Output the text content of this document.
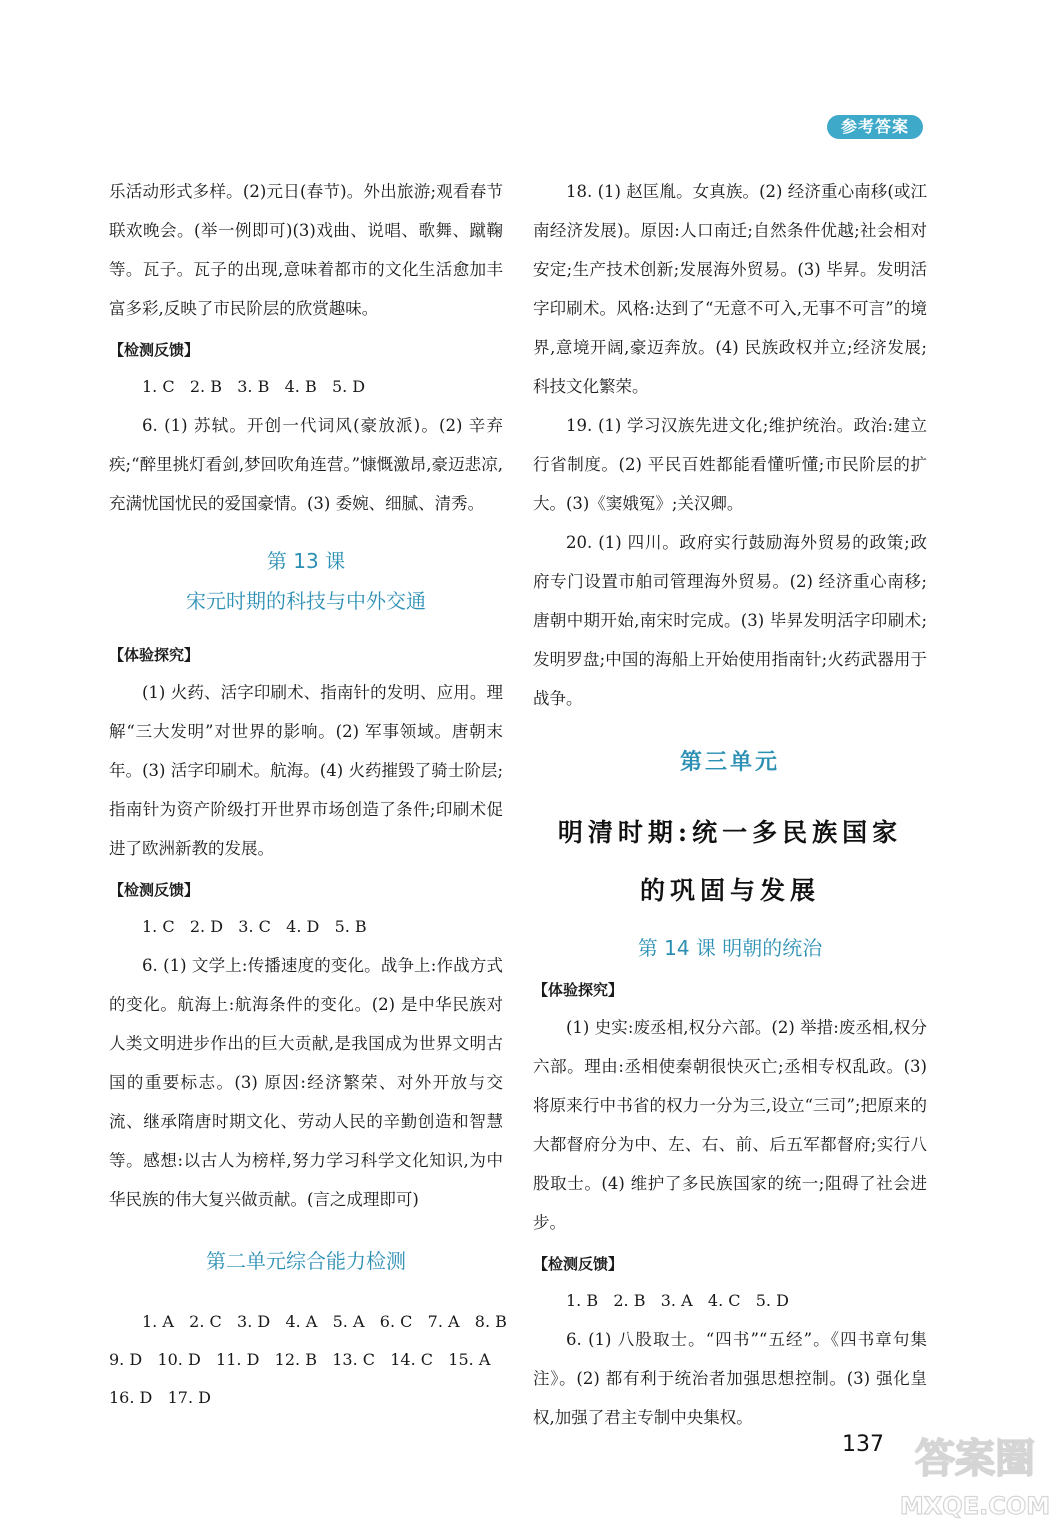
参考答案

乐活动形式多样。(2)元日(春节)。外出旅游;观看春节联欢晚会。(举一例即可)(3)戏曲、说唱、歌舞、蹴鞠等。瓦子。瓦子的出现,意味着都市的文化生活愈加丰富多彩,反映了市民阶层的欣赏趣味。

【检测反馈】

1. C   2. B   3. B   4. B   5. D

6. (1) 苏轼。开创一代词风(豪放派)。(2) 辛弃疾;“醉里挑灯看剑,梦回吹角连营。”慷慨激昂,豪迈悲凉,充满忧国忧民的爱国豪情。(3) 委婉、细腻、清秀。

第 13 课

宋元时期的科技与中外交通

【体验探究】

(1) 火药、活字印刷术、指南针的发明、应用。理解“三大发明”对世界的影响。(2) 军事领域。唐朝末年。(3) 活字印刷术。航海。(4) 火药摧毁了骑士阶层;指南针为资产阶级打开世界市场创造了条件;印刷术促进了欧洲新教的发展。

【检测反馈】

1. C   2. D   3. C   4. D   5. B

6. (1) 文学上:传播速度的变化。战争上:作战方式的变化。航海上:航海条件的变化。(2) 是中华民族对人类文明进步作出的巨大贡献,是我国成为世界文明古国的重要标志。(3) 原因:经济繁荣、对外开放与交流、继承隋唐时期文化、劳动人民的辛勤创造和智慧等。感想:以古人为榜样,努力学习科学文化知识,为中华民族的伟大复兴做贡献。(言之成理即可)

第二单元综合能力检测

1. A   2. C   3. D   4. A   5. A   6. C   7. A   8. B

9. D   10. D   11. D   12. B   13. C   14. C   15. A

16. D   17. D

18. (1) 赵匡胤。女真族。(2) 经济重心南移(或江南经济发展)。原因:人口南迁;自然条件优越;社会相对安定;生产技术创新;发展海外贸易。(3) 毕昇。发明活字印刷术。风格:达到了“无意不可入,无事不可言”的境界,意境开阔,豪迈奔放。(4) 民族政权并立;经济发展;科技文化繁荣。

19. (1) 学习汉族先进文化;维护统治。政治:建立行省制度。(2) 平民百姓都能看懂听懂;市民阶层的扩大。(3)《窦娥冤》;关汉卿。

20. (1) 四川。政府实行鼓励海外贸易的政策;政府专门设置市舶司管理海外贸易。(2) 经济重心南移;唐朝中期开始,南宋时完成。(3) 毕昇发明活字印刷术;发明罗盘;中国的海船上开始使用指南针;火药武器用于战争。

第三单元

明清时期:统一多民族国家

的巩固与发展

第 14 课 明朝的统治

【体验探究】

(1) 史实:废丞相,权分六部。(2) 举措:废丞相,权分六部。理由:丞相使秦朝很快灭亡;丞相专权乱政。(3) 将原来行中书省的权力一分为三,设立“三司”;把原来的大都督府分为中、左、右、前、后五军都督府;实行八股取士。(4) 维护了多民族国家的统一;阻碍了社会进步。

【检测反馈】

1. B   2. B   3. A   4. C   5. D

6. (1) 八股取士。“四书”“五经”。《四书章句集注》。(2) 都有利于统治者加强思想控制。(3) 强化皇权,加强了君主专制中央集权。

137 答案圈
MXQE.COM
